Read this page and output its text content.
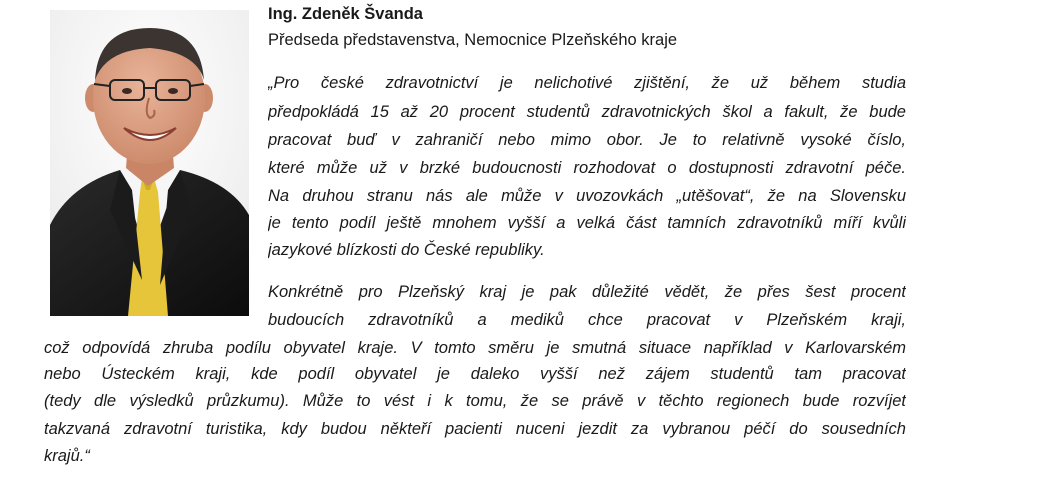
Ing. Zdeněk Švanda
Předseda představenstva, Nemocnice Plzeňského kraje
„Pro české zdravotnictví je nelichotivé zjištění, že už během studia
předpokládá 15 až 20 procent studentů zdravotnických škol a fakult, že bude
pracovat buď v zahraničí nebo mimo obor. Je to relativně vysoké číslo,
které může už v brzké budoucnosti rozhodovat o dostupnosti zdravotní péče.
Na druhou stranu nás ale může v uvozovkách „utěšovat“, že na Slovensku
je tento podíl ještě mnohem vyšší a velká část tamních zdravotníků míří kvůli
jazykové blízkosti do České republiky.
Konkrétně pro Plzeňský kraj je pak důležité vědět, že přes šest procent
budoucích zdravotníků a mediků chce pracovat v Plzeňském kraji,
což odpovídá zhruba podílu obyvatel kraje. V tomto směru je smutná situace například v Karlovarském
nebo Ústeckém kraji, kde podíl obyvatel je daleko vyšší než zájem studentů tam pracovat
(tedy dle výsledků průzkumu). Může to vést i k tomu, že se právě v těchto regionech bude rozvíjet
takzvaná zdravotní turistika, kdy budou někteří pacienti nuceni jezdit za vybranou péčí do sousedních
krajů.“
